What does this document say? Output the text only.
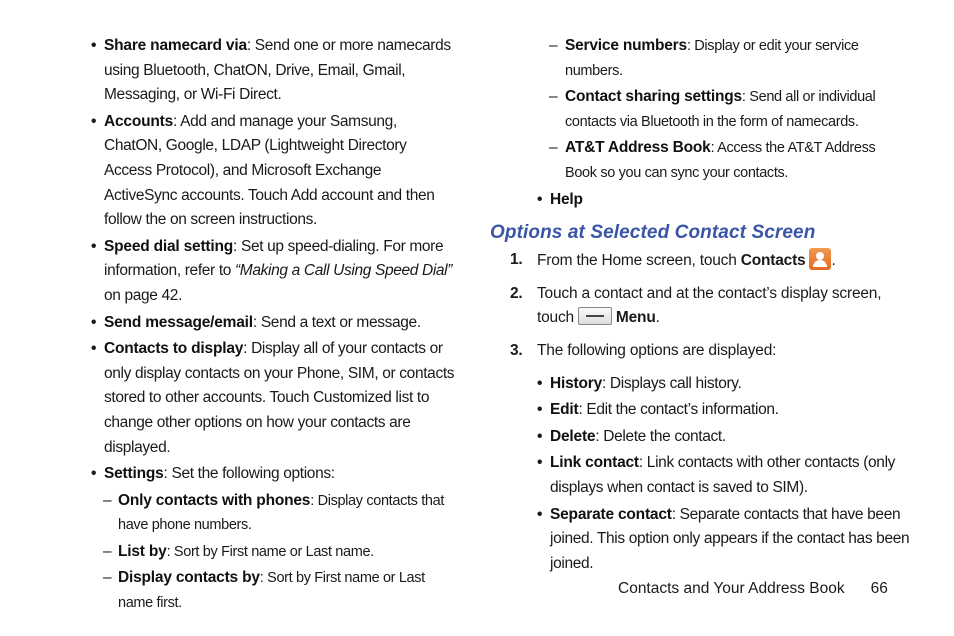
• Share namecard via: Send one or more namecards using Bluetooth, ChatON, Drive, Email, Gmail, Messaging, or Wi-Fi Direct.
• Accounts: Add and manage your Samsung, ChatON, Google, LDAP (Lightweight Directory Access Protocol), and Microsoft Exchange ActiveSync accounts. Touch Add account and then follow the on screen instructions.
• Speed dial setting: Set up speed-dialing. For more information, refer to “Making a Call Using Speed Dial” on page 42.
• Send message/email: Send a text or message.
• Contacts to display: Display all of your contacts or only display contacts on your Phone, SIM, or contacts stored to other accounts. Touch Customized list to change other options on how your contacts are displayed.
• Settings: Set the following options:
– Only contacts with phones: Display contacts that have phone numbers.
– List by: Sort by First name or Last name.
– Display contacts by: Sort by First name or Last name first.
– Service numbers: Display or edit your service numbers.
– Contact sharing settings: Send all or individual contacts via Bluetooth in the form of namecards.
– AT&T Address Book: Access the AT&T Address Book so you can sync your contacts.
• Help
Options at Selected Contact Screen
1. From the Home screen, touch Contacts .
2. Touch a contact and at the contact’s display screen, touch	Menu.
3. The following options are displayed:
• History: Displays call history.
• Edit: Edit the contact’s information.
• Delete: Delete the contact.
• Link contact: Link contacts with other contacts (only displays when contact is saved to SIM).
• Separate contact: Separate contacts that have been joined. This option only appears if the contact has been joined.
Contacts and Your Address Book 66
